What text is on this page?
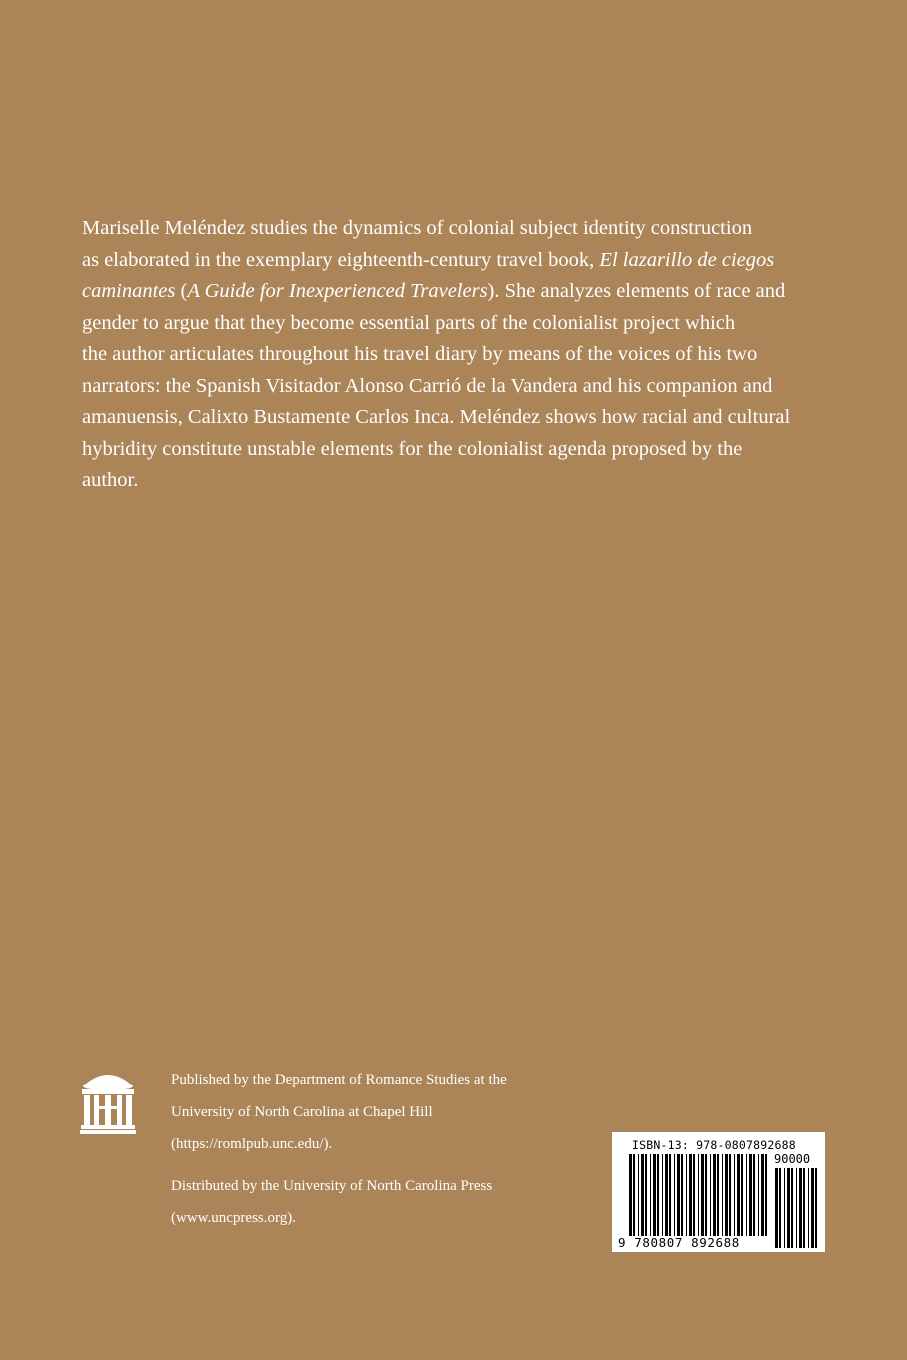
Mariselle Meléndez studies the dynamics of colonial subject identity construction
as elaborated in the exemplary eighteenth-century travel book, El lazarillo de ciegos
caminantes (A Guide for Inexperienced Travelers). She analyzes elements of race and
gender to argue that they become essential parts of the colonialist project which
the author articulates throughout his travel diary by means of the voices of his two
narrators: the Spanish Visitador Alonso Carrió de la Vandera and his companion and
amanuensis, Calixto Bustamente Carlos Inca. Meléndez shows how racial and cultural
hybridity constitute unstable elements for the colonialist agenda proposed by the
author.

Published by the Department of Romance Studies at the
University of North Carolina at Chapel Hill
(https://romlpub.unc.edu/).
Distributed by the University of North Carolina Press
(www.uncpress.org).
ISBN-13: 978-0807892688
90000
9 780807 892688
